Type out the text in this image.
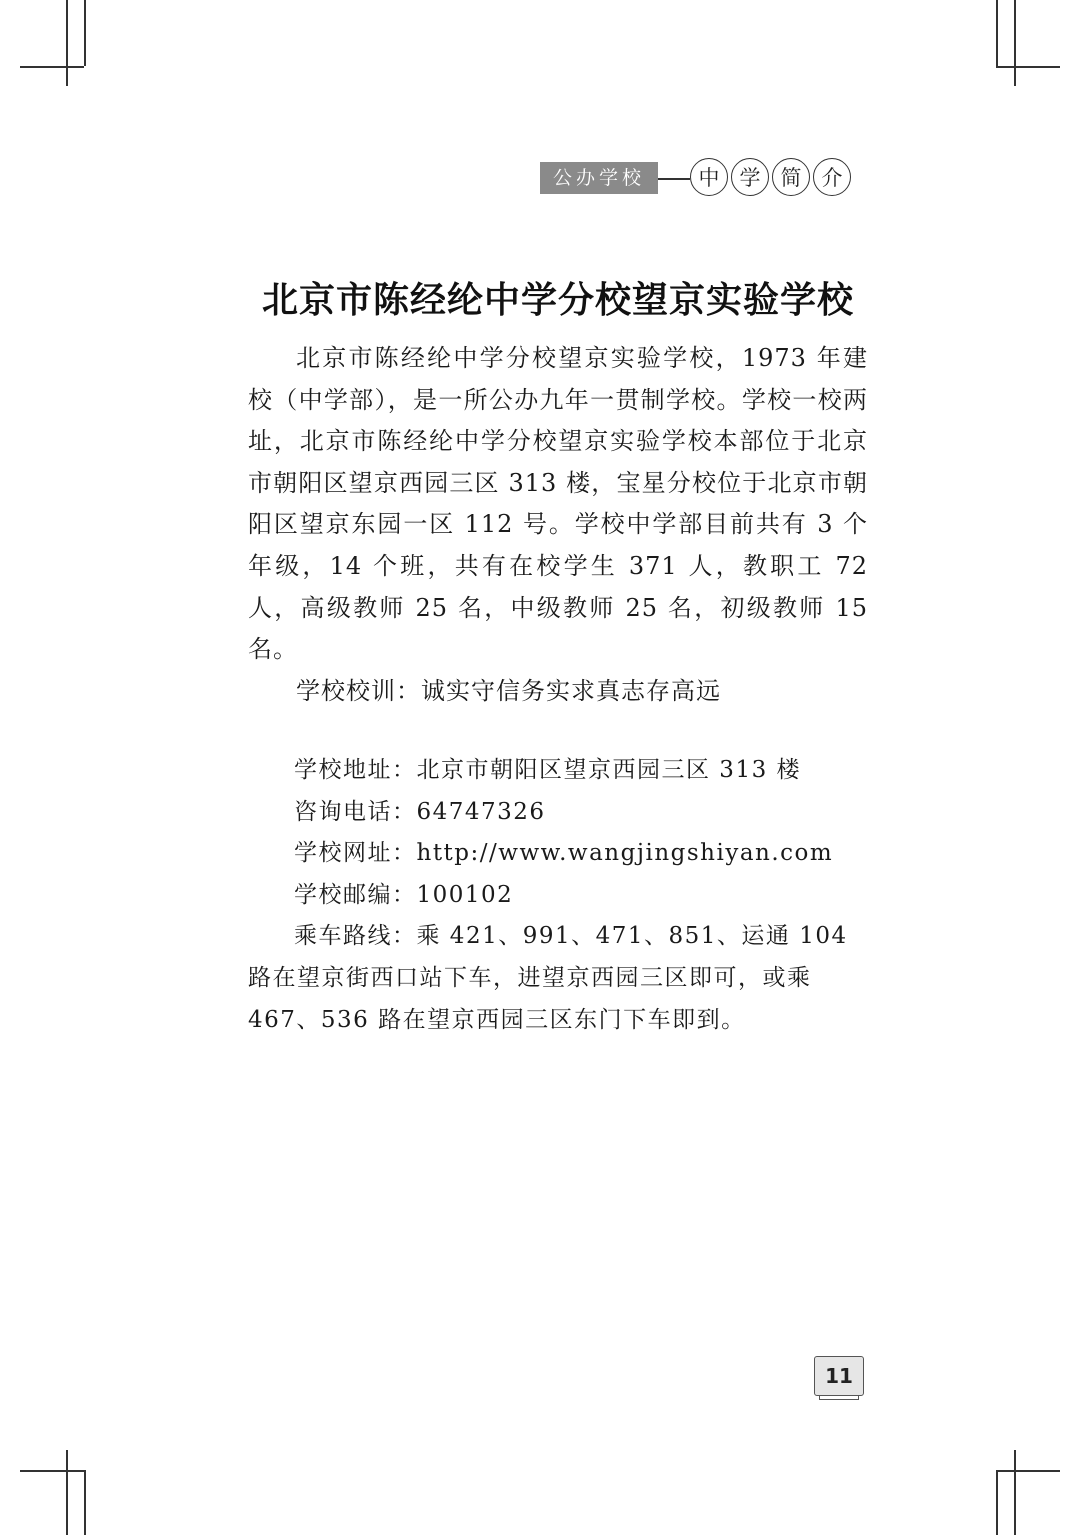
公办学校	中 学 简 介
北京市陈经纶中学分校望京实验学校

北京市陈经纶中学分校望京实验学校，1973 年建校（中学部），是一所公办九年一贯制学校。学校一校两址，北京市陈经纶中学分校望京实验学校本部位于北京市朝阳区望京西园三区 313 楼，宝星分校位于北京市朝阳区望京东园一区 112 号。学校中学部目前共有 3 个年级，14 个班，共有在校学生 371 人，教职工 72 人，高级教师 25 名，中级教师 25 名，初级教师 15 名。

学校校训：诚实守信务实求真志存高远

学校地址：北京市朝阳区望京西园三区 313 楼

咨询电话：64747326

学校网址：http://www.wangjingshiyan.com

学校邮编：100102

乘车路线：乘 421、991、471、851、运通 104 路在望京街西口站下车，进望京西园三区即可，或乘 467、536 路在望京西园三区东门下车即到。

11
